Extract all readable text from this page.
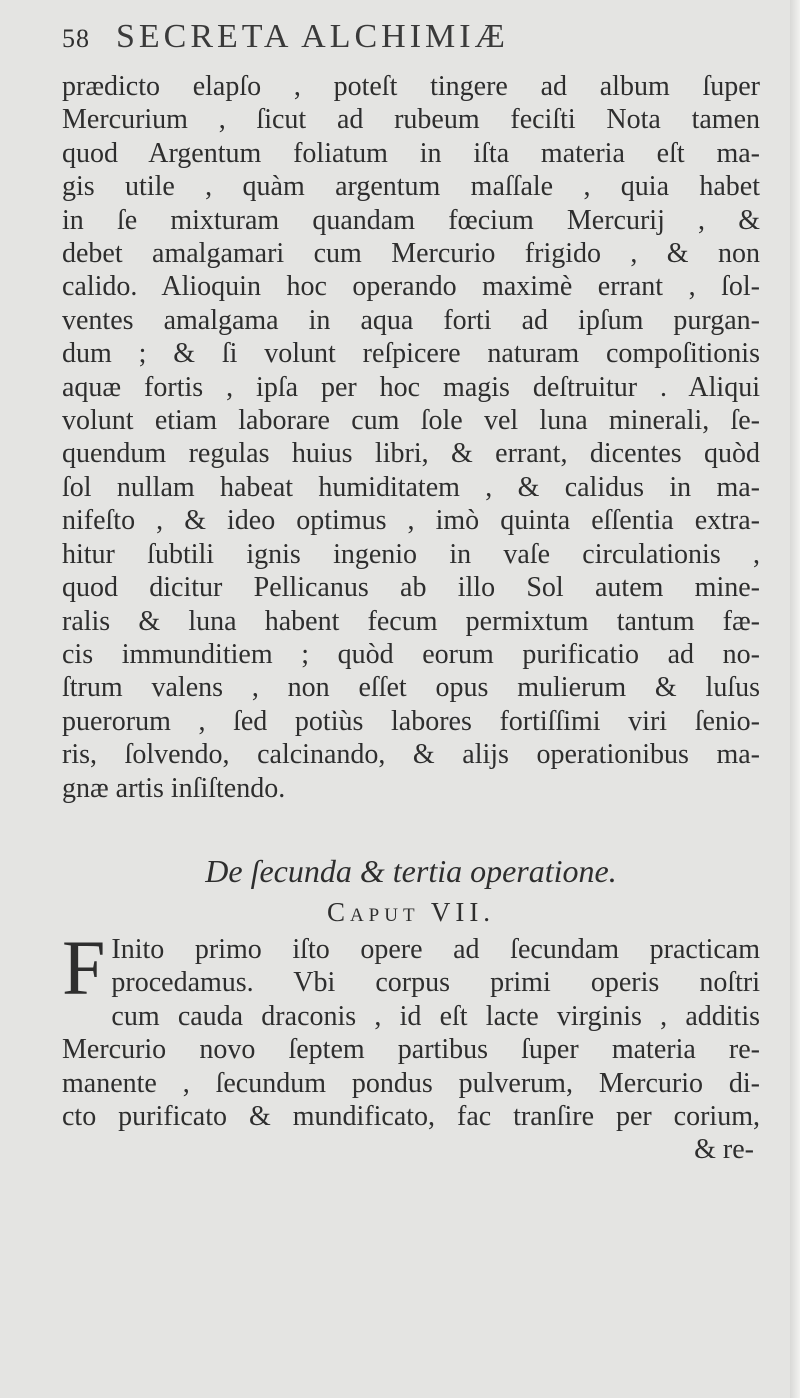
58 SECRETA ALCHIMIÆ
prædicto elapſo , poteſt tingere ad album ſuper
Mercurium , ſicut ad rubeum feciſti Nota tamen
quod Argentum foliatum in iſta materia eſt ma-
gis utile , quàm argentum maſſale , quia habet
in ſe mixturam quandam fœcium Mercurij , &
debet amalgamari cum Mercurio frigido , & non
calido. Alioquin hoc operando maximè errant , ſol-
ventes amalgama in aqua forti ad ipſum purgan-
dum ; & ſi volunt reſpicere naturam compoſitionis
aquæ fortis , ipſa per hoc magis deſtruitur . Aliqui
volunt etiam laborare cum ſole vel luna minerali, ſe-
quendum regulas huius libri, & errant, dicentes quòd
ſol nullam habeat humiditatem , & calidus in ma-
nifeſto , & ideo optimus , imò quinta eſſentia extra-
hitur ſubtili ignis ingenio in vaſe circulationis ,
quod dicitur Pellicanus ab illo Sol autem mine-
ralis & luna habent fecum permixtum tantum fæ-
cis immunditiem ; quòd eorum purificatio ad no-
ſtrum valens , non eſſet opus mulierum & luſus
puerorum , ſed potiùs labores fortiſſimi viri ſenio-
ris, ſolvendo, calcinando, & alijs operationibus ma-
gnæ artis inſiſtendo.
De ſecunda & tertia operatione.
Caput VII.
F Inito primo iſto opere ad ſecundam practicam
procedamus. Vbi corpus primi operis noſtri
cum cauda draconis , id eſt lacte virginis , additis
Mercurio novo ſeptem partibus ſuper materia re-
manente , ſecundum pondus pulverum, Mercurio di-
cto purificato & mundificato, fac tranſire per corium,
& re-
